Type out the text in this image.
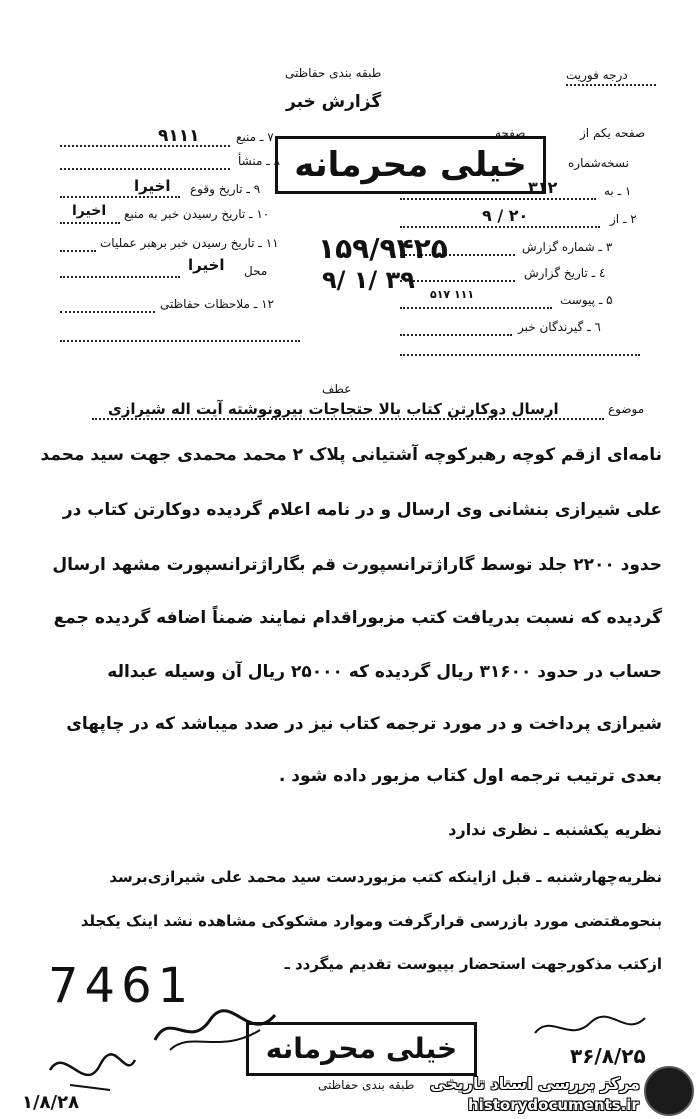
طبقه بندی حفاظتی
گزارش خبر
درجه فوریت
خیلی محرمانه
۷ ـ منبع
۹۱۱۱
۸ ـ منشأ
۹ ـ تاریخ وقوع
اخیرا
۱۰ ـ تاریخ رسیدن خبر به منبع
اخیرا
۱۱ ـ تاریخ رسیدن خبر برهبر عملیات
محل
اخیرا
۱۲ ـ ملاحظات حفاظتی
صفحه یکم از
صفحه
نسخه‌شماره
۱ ـ به
۳۱۲
۲ ـ از
۹ / ۲۰
۳ ـ شماره گزارش
٤ ـ تاریخ گزارش
۵ ـ پیوست
٦ ـ گیرندگان خبر
۱۵۹/۹۴۲۵
۹/ ۱/ ۳۹
۵۱۷ ۱۱۱
عطف
موضوع
ارسال دوکارتن کتاب بالا حتجاجات بیرونوشته آیت اله شیرازی
نامه‌ای ازقم کوچه رهبرکوچه آشتیانی پلاک ۲ محمد محمدی جهت سید محمد
علی شیرازی بنشانی وی ارسال و در نامه اعلام گردیده دوکارتن کتاب در
حدود ۲۲۰۰ جلد توسط گاراژترانسپورت قم بگاراژترانسپورت مشهد ارسال
گردیده که نسبت بدریافت کتب مزبوراقدام نمایند ضمناً اضافه گردیده جمع
حساب در حدود ۳۱۶۰۰ ریال گردیده که ۲۵۰۰۰ ریال آن وسیله عبداله
شیرازی پرداخت و در مورد ترجمه کتاب نیز در صدد میباشد که در چاپهای
بعدی ترتیب ترجمه اول کتاب مزبور داده شود .
نظریه یکشنبه ـ نظری ندارد
نظریه‌چهارشنبه ـ قبل ازاینکه کتب مزبوردست سید محمد علی شیرازی‌برسد
بنحومقتضی مورد بازرسی قرارگرفت وموارد مشکوکی مشاهده نشد اینک یکجلد
ازکتب مذکورجهت استحضار بپیوست تقدیم میگردد ـ
7461
خیلی محرمانه	۳۶/۸/۲۵
۱/۸/۲۸
طبقه بندی حفاظتی مرکز بررسی اسناد تاریخی
historydocuments.ir
